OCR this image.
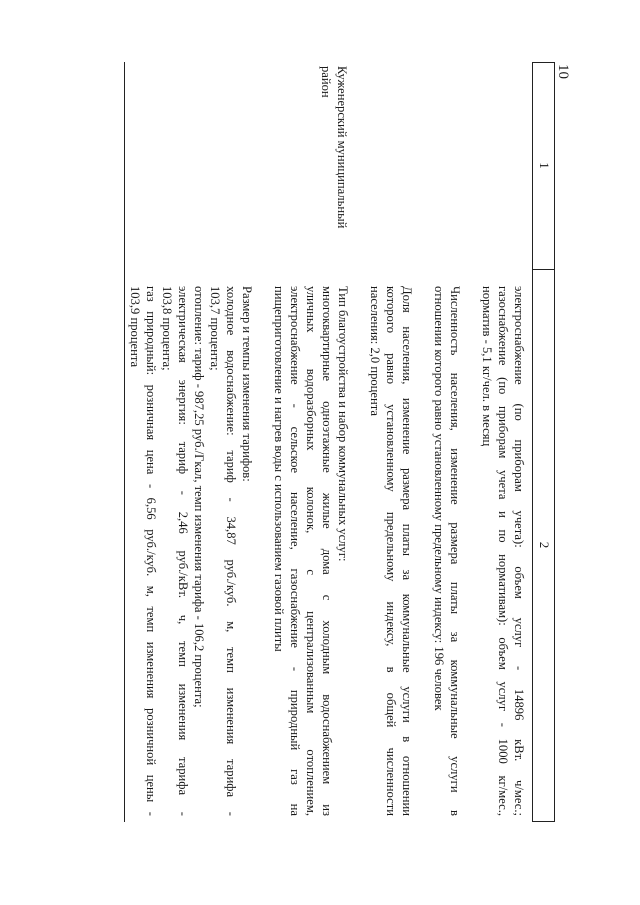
10
1
2
Куженерский муниципальный
район
электроснабжение (по приборам учета): объем услуг - 14896 кВт. ч/мес.;
газоснабжение (по приборам учета и по нормативам): объем услуг - 1000 кг/мес.,
норматив - 5,1 кг/чел. в месяц
Численность населения, изменение размера платы за коммунальные услуги в
отношении которого равно установленному предельному индексу: 196 человек
Доля населения, изменение размера платы за коммунальные услуги в отношении
которого равно установленному предельному индексу, в общей численности
населения: 2,0 процента
Тип благоустройства и набор коммунальных услуг:
многоквартирные одноэтажные жилые дома с холодным водоснабжением из
уличных водоразборных колонок, с централизованным отоплением,
электроснабжение - сельское население, газоснабжение - природный газ на
пищеприготовление и нагрев воды с использованием газовой плиты
Размер и темпы изменения тарифов:
холодное водоснабжение: тариф - 34,87 руб./куб. м, темп изменения тарифа -
103,7 процента;
отопление: тариф - 987,25 руб./Гкал, темп изменения тарифа - 106,2 процента;
электрическая энергия: тариф - 2,46 руб./кВт. ч, темп изменения тарифа -
103,8 процента;
газ природный: розничная цена - 6,56 руб./куб. м, темп изменения розничной цены -
103,9 процента
